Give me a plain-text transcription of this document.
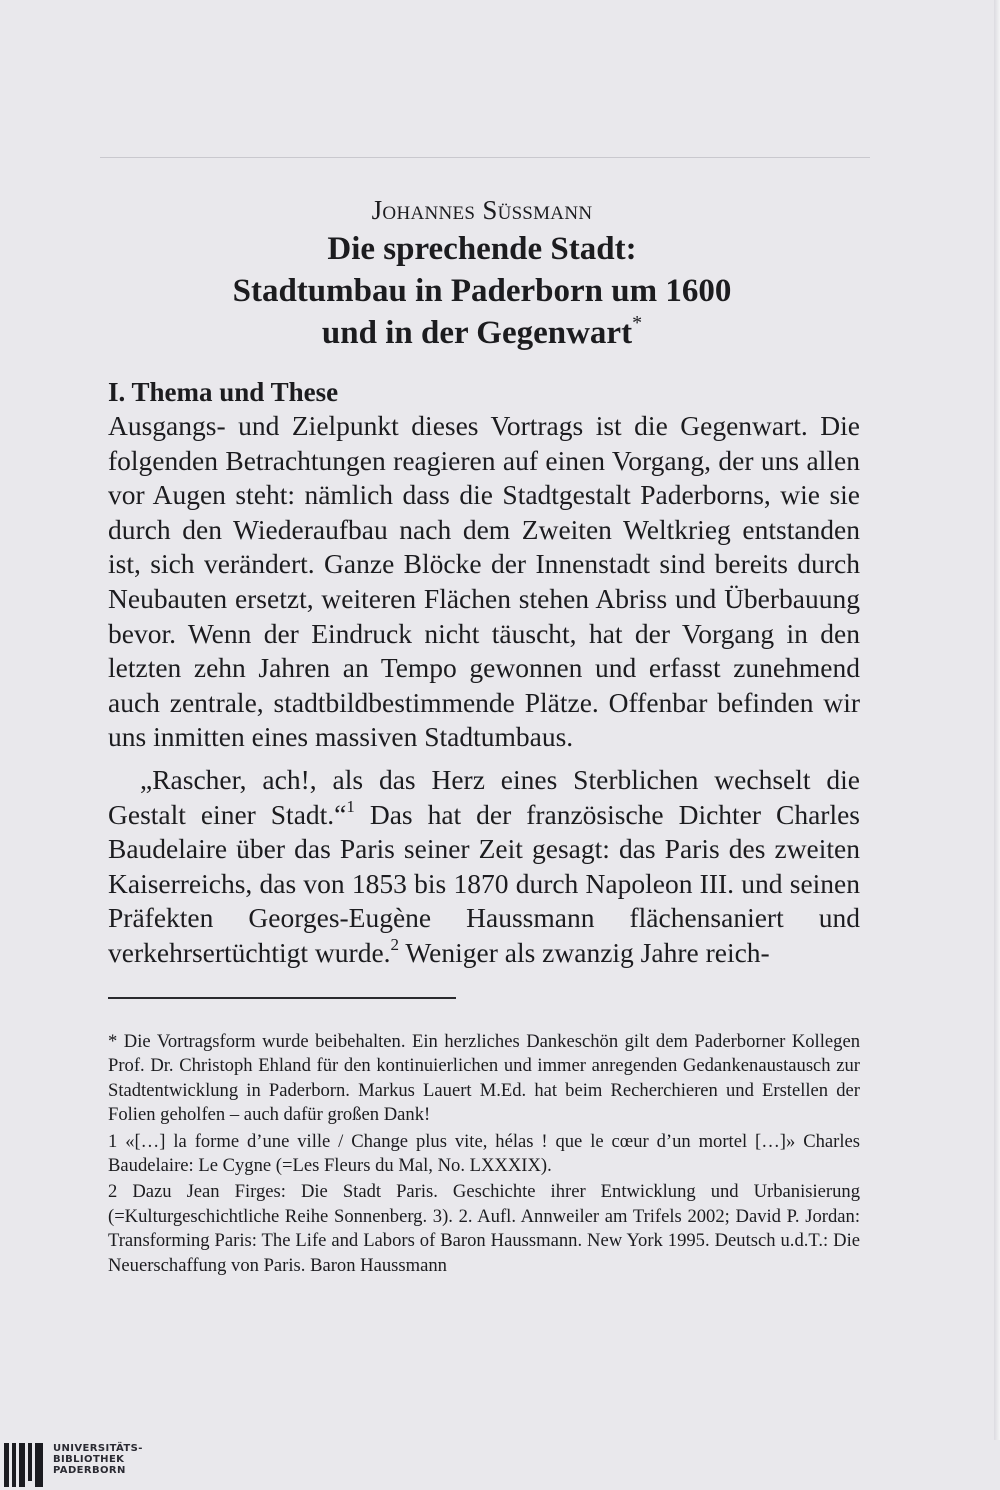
Johannes Süßmann
Die sprechende Stadt:
Stadtumbau in Paderborn um 1600
und in der Gegenwart*
I. Thema und These

Ausgangs- und Zielpunkt dieses Vortrags ist die Gegenwart. Die folgenden Betrachtungen reagieren auf einen Vorgang, der uns allen vor Augen steht: nämlich dass die Stadtgestalt Paderborns, wie sie durch den Wiederaufbau nach dem Zweiten Weltkrieg entstanden ist, sich verändert. Ganze Blöcke der Innenstadt sind bereits durch Neubauten ersetzt, weiteren Flächen stehen Abriss und Überbauung bevor. Wenn der Eindruck nicht täuscht, hat der Vorgang in den letzten zehn Jahren an Tempo gewonnen und erfasst zunehmend auch zentrale, stadtbildbestimmende Plätze. Offenbar befinden wir uns inmitten eines massiven Stadtumbaus.

„Rascher, ach!, als das Herz eines Sterblichen wechselt die Gestalt einer Stadt.“$^1$ Das hat der französische Dichter Charles Baudelaire über das Paris seiner Zeit gesagt: das Paris des zweiten Kaiserreichs, das von 1853 bis 1870 durch Napoleon III. und seinen Präfekten Georges-Eugène Haussmann flächensaniert und verkehrsertüchtigt wurde.$^2$ Weniger als zwanzig Jahre reich-

* Die Vortragsform wurde beibehalten. Ein herzliches Dankeschön gilt dem Paderborner Kollegen Prof. Dr. Christoph Ehland für den kontinuierlichen und immer anregenden Gedankenaustausch zur Stadtentwicklung in Paderborn. Markus Lauert M.Ed. hat beim Recherchieren und Erstellen der Folien geholfen – auch dafür großen Dank!

1 «[…] la forme d’une ville / Change plus vite, hélas ! que le cœur d’un mortel […]» Charles Baudelaire: Le Cygne (=Les Fleurs du Mal, No. LXXXIX).

2 Dazu Jean Firges: Die Stadt Paris. Geschichte ihrer Entwicklung und Urbanisierung (=Kulturgeschichtliche Reihe Sonnenberg. 3). 2. Aufl. Annweiler am Trifels 2002; David P. Jordan: Transforming Paris: The Life and Labors of Baron Haussmann. New York 1995. Deutsch u.d.T.: Die Neuerschaffung von Paris. Baron Haussmann

UNIVERSITÄTS-
BIBLIOTHEK
PADERBORN
